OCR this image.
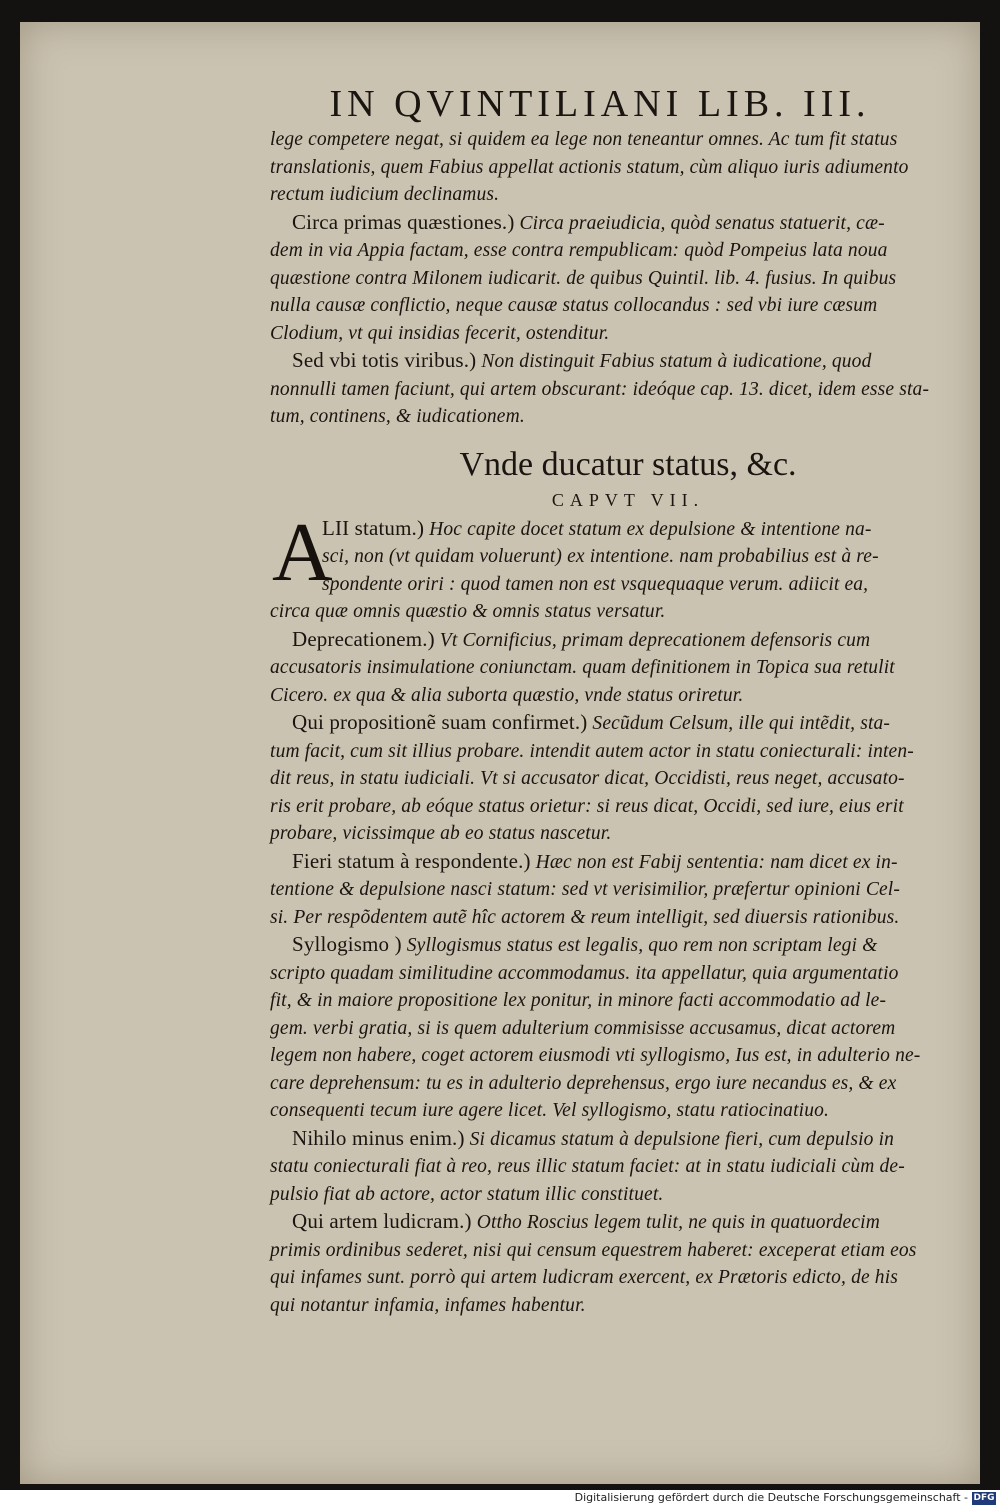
IN QVINTILIANI LIB. III.
lege competere negat, si quidem ea lege non teneantur omnes. Ac tum fit status
translationis, quem Fabius appellat actionis statum, cùm aliquo iuris adiumento
rectum iudicium declinamus.
Circa primas quæstiones.) Circa praeiudicia, quòd senatus statuerit, cæ-
dem in via Appia factam, esse contra rempublicam: quòd Pompeius lata noua
quæstione contra Milonem iudicarit. de quibus Quintil. lib. 4. fusius. In quibus
nulla causæ conflictio, neque causæ status collocandus : sed vbi iure cæsum
Clodium, vt qui insidias fecerit, ostenditur.
Sed vbi totis viribus.) Non distinguit Fabius statum à iudicatione, quod
nonnulli tamen faciunt, qui artem obscurant: ideóque cap. 13. dicet, idem esse sta-
tum, continens, & iudicationem.
Vnde ducatur status, &c.
CAPVT VII.
A
LII statum.) Hoc capite docet statum ex depulsione & intentione na-
sci, non (vt quidam voluerunt) ex intentione. nam probabilius est à re-
spondente oriri : quod tamen non est vsquequaque verum. adiicit ea,
circa quæ omnis quæstio & omnis status versatur.
Deprecationem.) Vt Cornificius, primam deprecationem defensoris cum
accusatoris insimulatione coniunctam. quam definitionem in Topica sua retulit
Cicero. ex qua & alia suborta quæstio, vnde status oriretur.
Qui propositionẽ suam confirmet.) Secũdum Celsum, ille qui intẽdit, sta-
tum facit, cum sit illius probare. intendit autem actor in statu coniecturali: inten-
dit reus, in statu iudiciali. Vt si accusator dicat, Occidisti, reus neget, accusato-
ris erit probare, ab eóque status orietur: si reus dicat, Occidi, sed iure, eius erit
probare, vicissimque ab eo status nascetur.
Fieri statum à respondente.) Hæc non est Fabij sententia: nam dicet ex in-
tentione & depulsione nasci statum: sed vt verisimilior, præfertur opinioni Cel-
si. Per respõdentem autẽ hîc actorem & reum intelligit, sed diuersis rationibus.
Syllogismo ) Syllogismus status est legalis, quo rem non scriptam legi &
scripto quadam similitudine accommodamus. ita appellatur, quia argumentatio
fit, & in maiore propositione lex ponitur, in minore facti accommodatio ad le-
gem. verbi gratia, si is quem adulterium commisisse accusamus, dicat actorem
legem non habere, coget actorem eiusmodi vti syllogismo, Ius est, in adulterio ne-
care deprehensum: tu es in adulterio deprehensus, ergo iure necandus es, & ex
consequenti tecum iure agere licet. Vel syllogismo, statu ratiocinatiuo.
Nihilo minus enim.) Si dicamus statum à depulsione fieri, cum depulsio in
statu coniecturali fiat à reo, reus illic statum faciet: at in statu iudiciali cùm de-
pulsio fiat ab actore, actor statum illic constituet.
Qui artem ludicram.) Ottho Roscius legem tulit, ne quis in quatuordecim
primis ordinibus sederet, nisi qui censum equestrem haberet: exceperat etiam eos
qui infames sunt. porrò qui artem ludicram exercent, ex Prætoris edicto, de his
qui notantur infamia, infames habentur.
Digitalisierung gefördert durch die Deutsche Forschungsgemeinschaft - DFG
